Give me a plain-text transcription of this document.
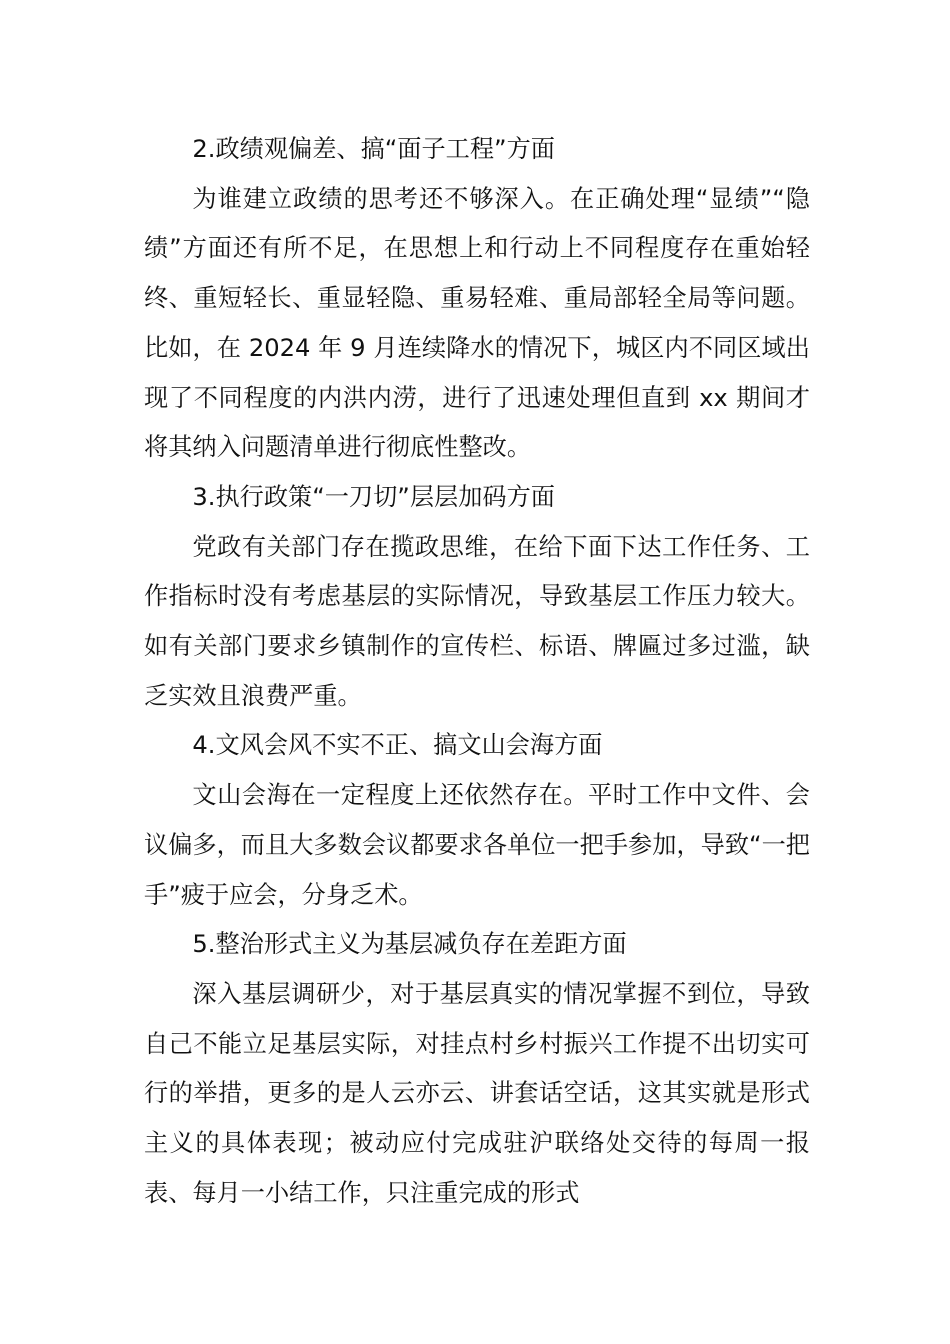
2.政绩观偏差、搞“面子工程”方面

为谁建立政绩的思考还不够深入。在正确处理“显绩”“隐绩”方面还有所不足，在思想上和行动上不同程度存在重始轻终、重短轻长、重显轻隐、重易轻难、重局部轻全局等问题。比如，在 2024 年 9 月连续降水的情况下，城区内不同区域出现了不同程度的内洪内涝，进行了迅速处理但直到 xx 期间才将其纳入问题清单进行彻底性整改。

3.执行政策“一刀切”层层加码方面

党政有关部门存在揽政思维，在给下面下达工作任务、工作指标时没有考虑基层的实际情况，导致基层工作压力较大。如有关部门要求乡镇制作的宣传栏、标语、牌匾过多过滥，缺乏实效且浪费严重。

4.文风会风不实不正、搞文山会海方面

文山会海在一定程度上还依然存在。平时工作中文件、会议偏多，而且大多数会议都要求各单位一把手参加，导致“一把手”疲于应会，分身乏术。

5.整治形式主义为基层减负存在差距方面

深入基层调研少，对于基层真实的情况掌握不到位，导致自己不能立足基层实际，对挂点村乡村振兴工作提不出切实可行的举措，更多的是人云亦云、讲套话空话，这其实就是形式主义的具体表现；被动应付完成驻沪联络处交待的每周一报表、每月一小结工作，只注重完成的形式
